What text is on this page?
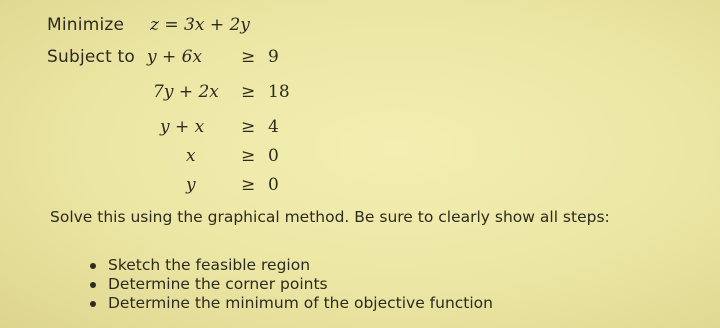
Minimize z = 3x + 2y
Subject to y + 6x ≥ 9
7y + 2x ≥ 18
y + x ≥ 4
x	≥ 0
y	≥ 0
Solve this using the graphical method. Be sure to clearly show all steps:
Sketch the feasible region
Determine the corner points
Determine the minimum of the objective function
